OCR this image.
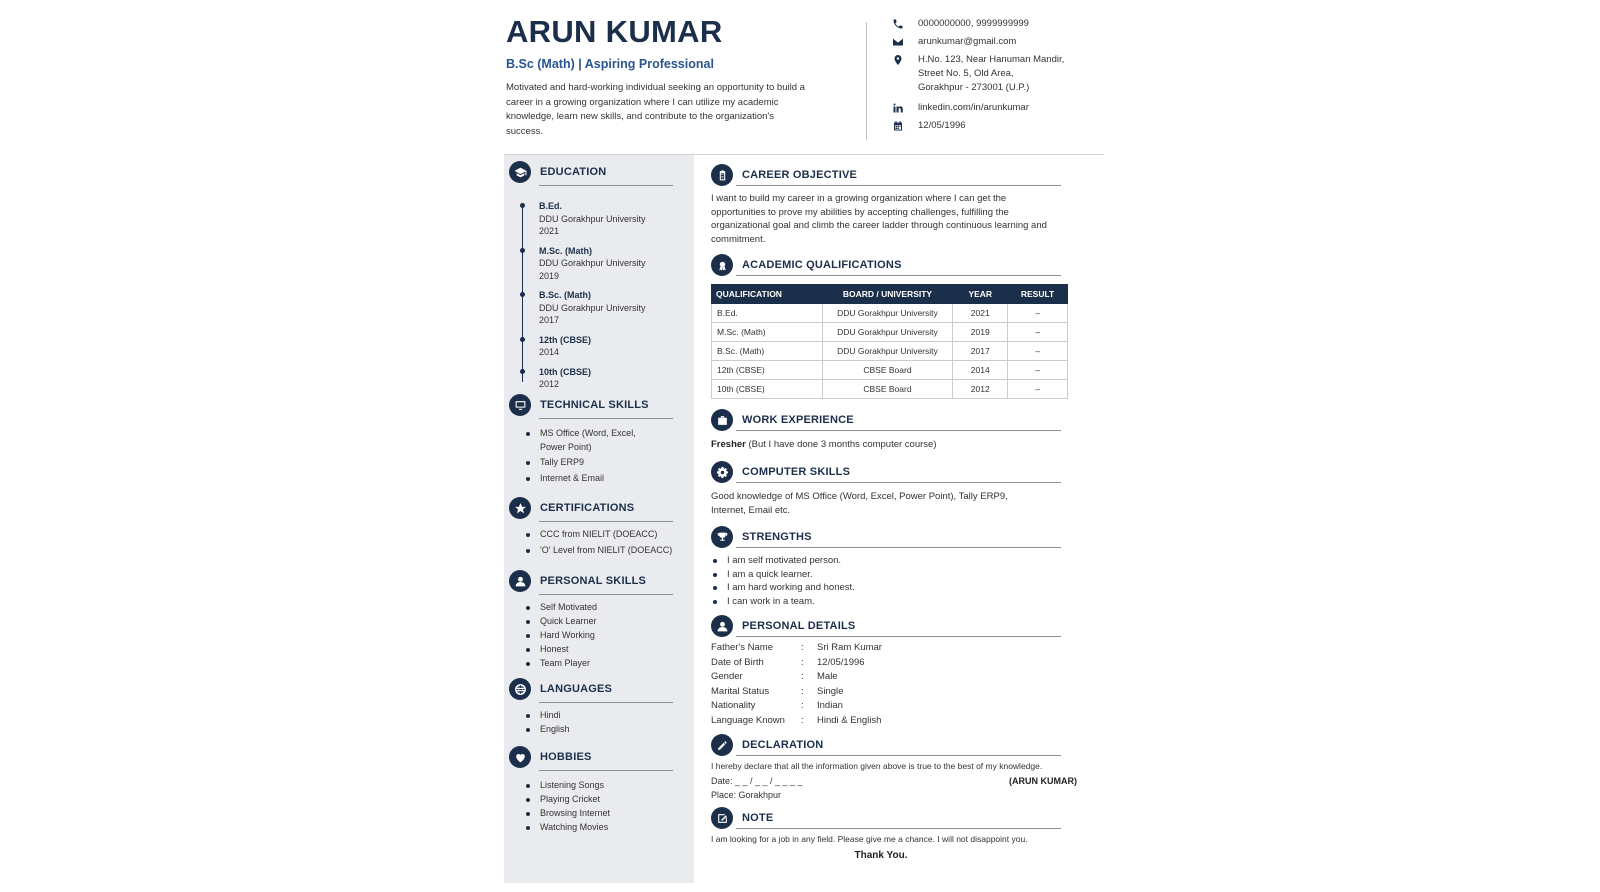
ARUN KUMAR
B.Sc (Math) | Aspiring Professional
Motivated and hard-working individual seeking an opportunity to build a career in a growing organization where I can utilize my academic knowledge, learn new skills, and contribute to the organization's success.
0000000000, 9999999999
arunkumar@gmail.com
H.No. 123, Near Hanuman Mandir,
Street No. 5, Old Area,
Gorakhpur - 273001 (U.P.)
linkedin.com/in/arunkumar
12/05/1996
EDUCATION
B.Ed.
DDU Gorakhpur University
2021
M.Sc. (Math)
DDU Gorakhpur University
2019
B.Sc. (Math)
DDU Gorakhpur University
2017
12th (CBSE)
2014
10th (CBSE)
2012
TECHNICAL SKILLS
MS Office (Word, Excel,
Power Point)
Tally ERP9
Internet & Email
CERTIFICATIONS
CCC from NIELIT (DOEACC)
'O' Level from NIELIT (DOEACC)
PERSONAL SKILLS
Self Motivated
Quick Learner
Hard Working
Honest
Team Player
LANGUAGES
Hindi
English
HOBBIES
Listening Songs
Playing Cricket
Browsing Internet
Watching Movies
CAREER OBJECTIVE
I want to build my career in a growing organization where I can get the opportunities to prove my abilities by accepting challenges, fulfilling the organizational goal and climb the career ladder through continuous learning and commitment.
ACADEMIC QUALIFICATIONS
QUALIFICATION	BOARD / UNIVERSITY	YEAR	RESULT
B.Ed.	DDU Gorakhpur University	2021	–
M.Sc. (Math)	DDU Gorakhpur University	2019	–
B.Sc. (Math)	DDU Gorakhpur University	2017	–
12th (CBSE)	CBSE Board	2014	–
10th (CBSE)	CBSE Board	2012	–
WORK EXPERIENCE
Fresher (But I have done 3 months computer course)
COMPUTER SKILLS
Good knowledge of MS Office (Word, Excel, Power Point), Tally ERP9, Internet, Email etc.
STRENGTHS
I am self motivated person.
I am a quick learner.
I am hard working and honest.
I can work in a team.
PERSONAL DETAILS
Father's Name	:	Sri Ram Kumar
Date of Birth	:	12/05/1996
Gender	:	Male
Marital Status	:	Single
Nationality	:	Indian
Language Known	:	Hindi & English
DECLARATION
I hereby declare that all the information given above is true to the best of my knowledge.
Date: _ _ / _ _ / _ _ _ _	(ARUN KUMAR)
Place: Gorakhpur
NOTE
I am looking for a job in any field. Please give me a chance. I will not disappoint you.
Thank You.
